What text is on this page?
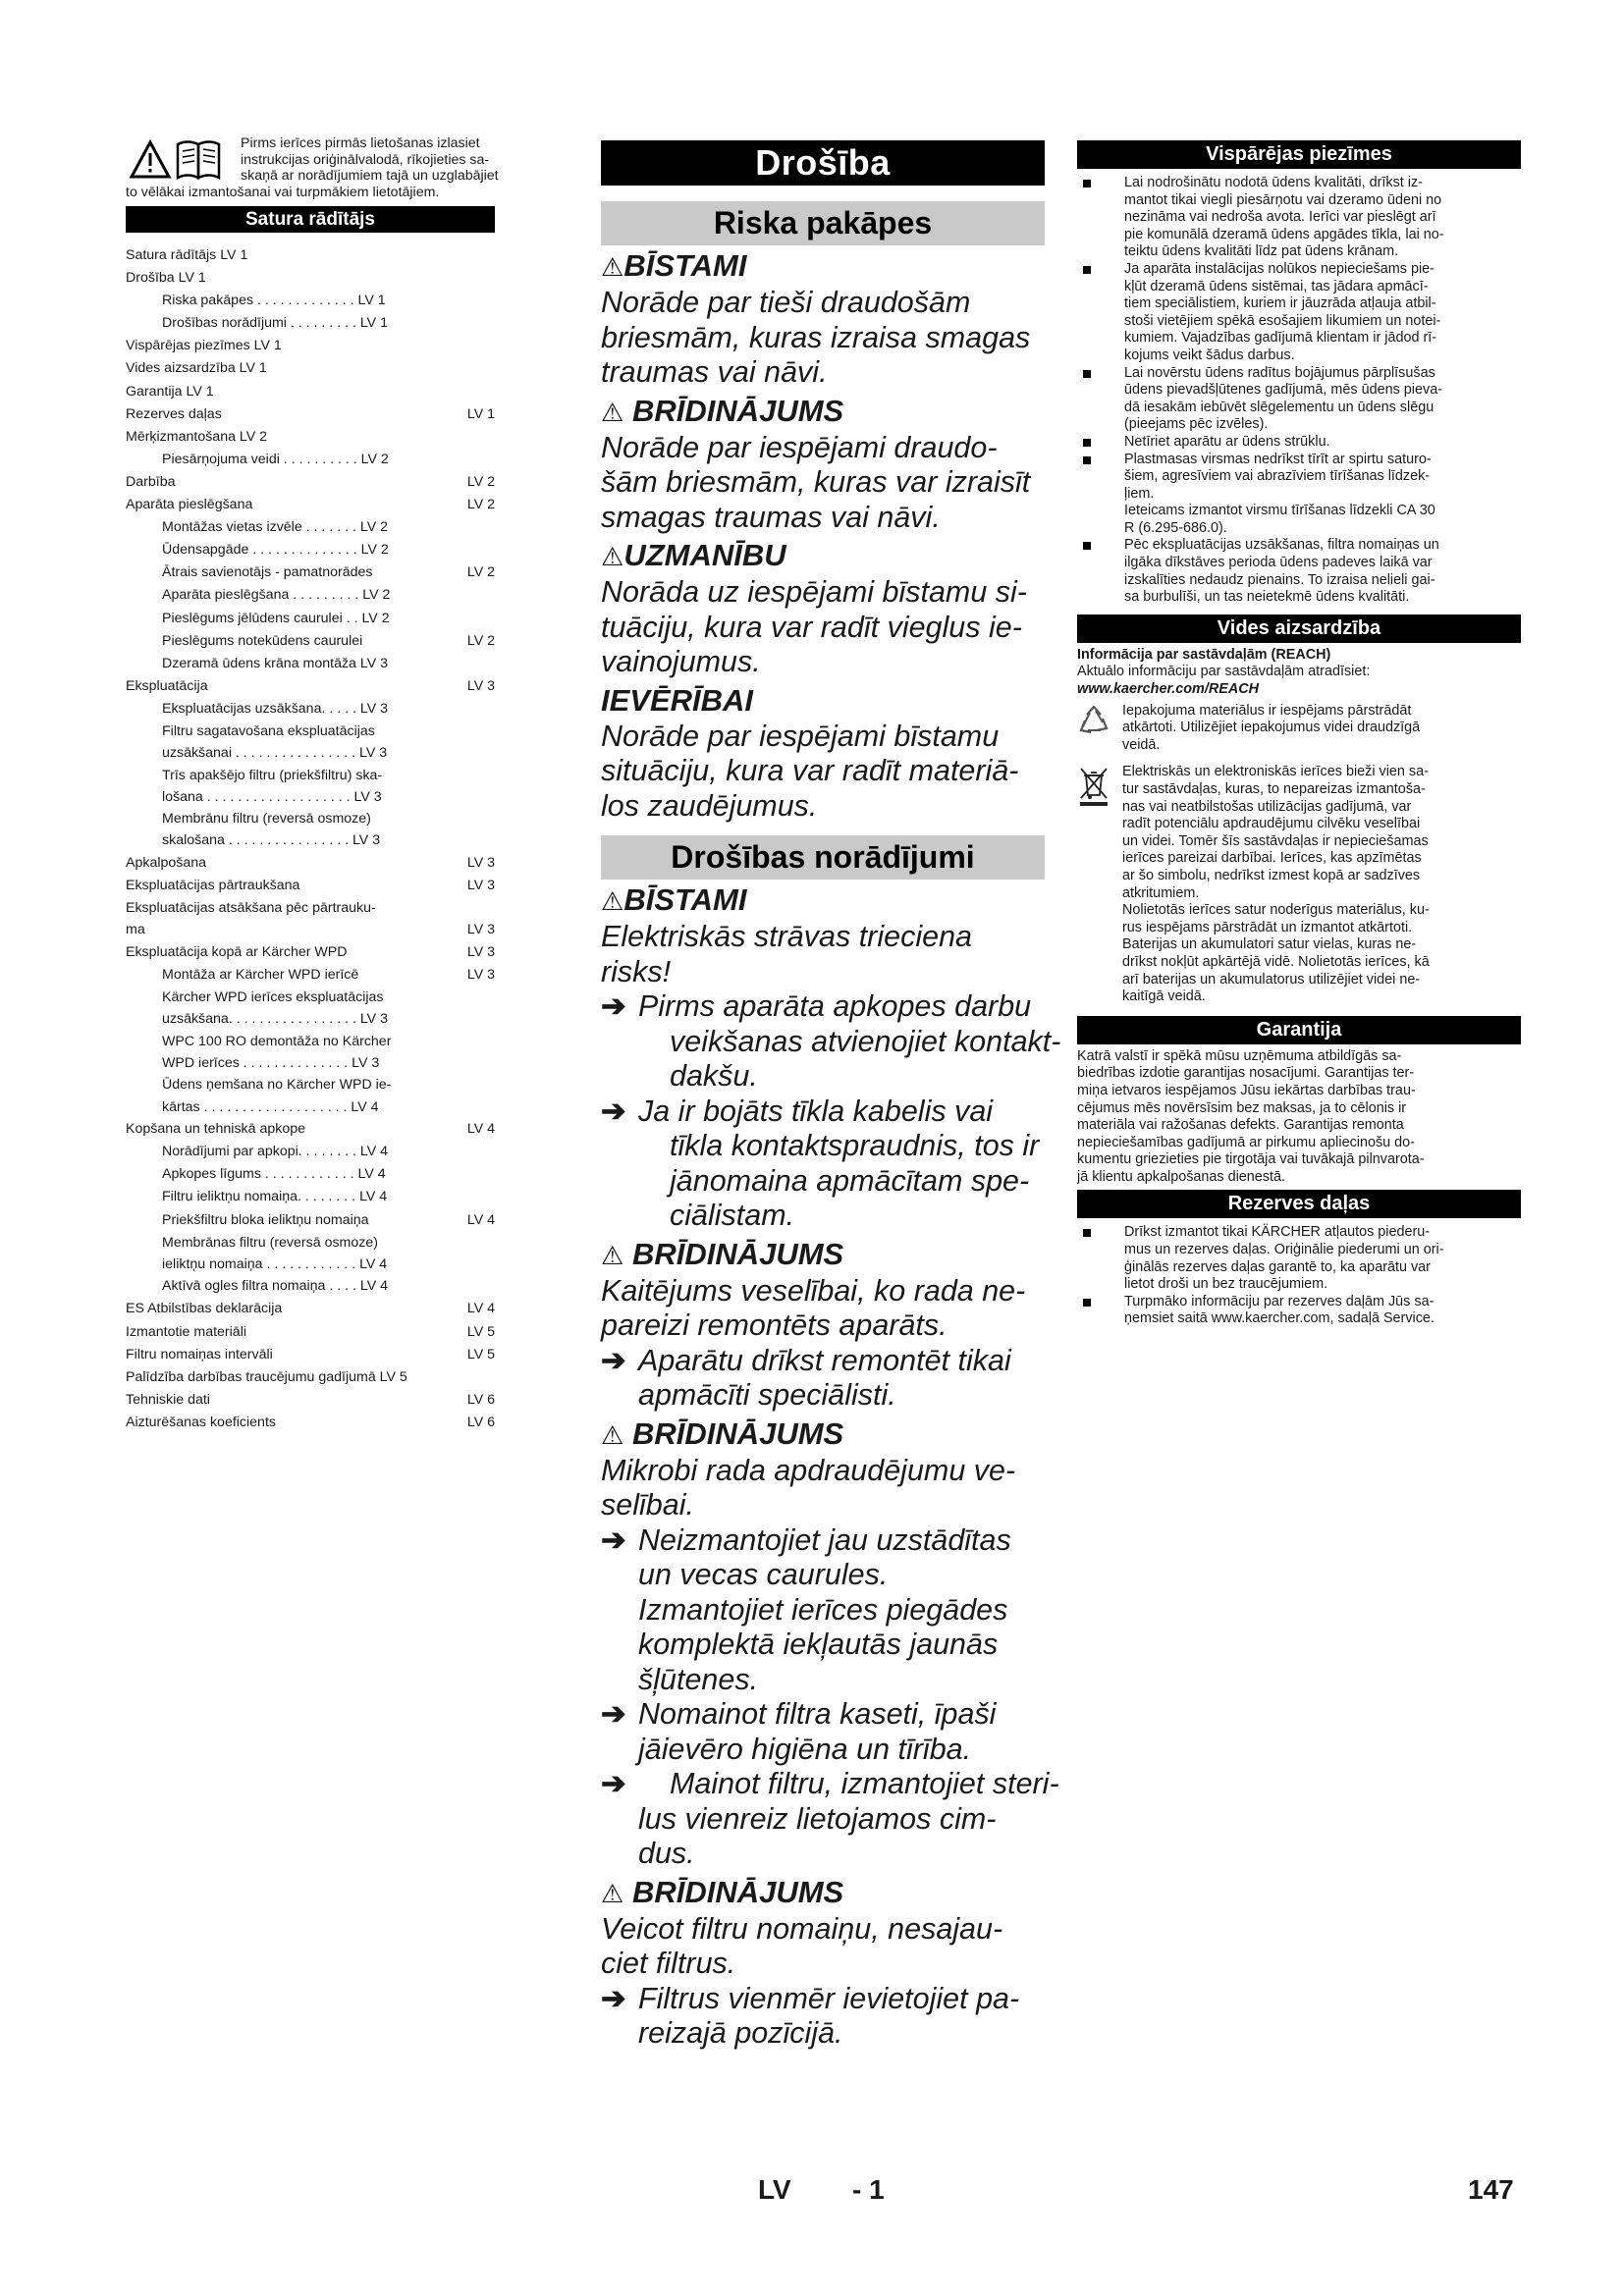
Pirms ierīces pirmās lietošanas izlasiet
instrukcijas oriģinālvalodā, rīkojieties sa-
skaņā ar norādījumiem tajā un uzglabājiet
to vēlākai izmantošanai vai turpmākiem lietotājiem.
Satura rādītājs
Satura rādītājs LV 1
Drošība LV 1
Riska pakāpes . . . . . . . . . . . . . LV 1
Drošības norādījumi . . . . . . . . . LV 1
Vispārējas piezīmes LV 1
Vides aizsardzība LV 1
Garantija LV 1
Rezerves daļas	LV 1
Mērķizmantošana LV 2
Piesārņojuma veidi . . . . . . . . . . LV 2
Darbība	LV 2
Aparāta pieslēgšana	LV 2
Montāžas vietas izvēle . . . . . . . LV 2
Ūdensapgāde . . . . . . . . . . . . . . LV 2
Ātrais savienotājs - pamatnorādes	LV 2
Aparāta pieslēgšana . . . . . . . . . LV 2
Pieslēgums jēlūdens caurulei . . LV 2
Pieslēgums notekūdens caurulei	LV 2
Dzeramā ūdens krāna montāža LV 3
Ekspluatācija	LV 3
Ekspluatācijas uzsākšana. . . . . LV 3
Filtru sagatavošana ekspluatācijas
uzsākšanai . . . . . . . . . . . . . . . . LV 3
Trīs apakšējo filtru (priekšfiltru) ska-
lošana . . . . . . . . . . . . . . . . . . . LV 3
Membrānu filtru (reversā osmoze)
skalošana . . . . . . . . . . . . . . . . LV 3
Apkalpošana	LV 3
Ekspluatācijas pārtraukšana	LV 3
Ekspluatācijas atsākšana pēc pārtrauku-
ma	LV 3
Ekspluatācija kopā ar Kärcher WPD	LV 3
Montāža ar Kärcher WPD ierīcē	LV 3
Kärcher WPD ierīces ekspluatācijas
uzsākšana. . . . . . . . . . . . . . . . . LV 3
WPC 100 RO demontāža no Kärcher
WPD ierīces . . . . . . . . . . . . . . LV 3
Ūdens ņemšana no Kärcher WPD ie-
kārtas . . . . . . . . . . . . . . . . . . . LV 4
Kopšana un tehniskā apkope	LV 4
Norādījumi par apkopi. . . . . . . . LV 4
Apkopes līgums . . . . . . . . . . . . LV 4
Filtru ieliktņu nomaiņa. . . . . . . . LV 4
Priekšfiltru bloka ieliktņu nomaiņa	LV 4
Membrānas filtru (reversā osmoze)
ieliktņu nomaiņa . . . . . . . . . . . . LV 4
Aktīvā ogles filtra nomaiņa . . . . LV 4
ES Atbilstības deklarācija	LV 4
Izmantotie materiāli	LV 5
Filtru nomaiņas intervāli	LV 5
Palīdzība darbības traucējumu gadījumā LV 5
Tehniskie dati	LV 6
Aizturēšanas koeficients	LV 6
Drošība
Riska pakāpes
⚠BĪSTAMI
Norāde par tieši draudošām
briesmām, kuras izraisa smagas
traumas vai nāvi.
⚠ BRĪDINĀJUMS
Norāde par iespējami draudo-
šām briesmām, kuras var izraisīt
smagas traumas vai nāvi.
⚠UZMANĪBU
Norāda uz iespējami bīstamu si-
tuāciju, kura var radīt vieglus ie-
vainojumus.
IEVĒRĪBAI
Norāde par iespējami bīstamu
situāciju, kura var radīt materiā-
los zaudējumus.
Drošības norādījumi
⚠BĪSTAMI
Elektriskās strāvas trieciena
risks!
➔ Pirms aparāta apkopes darbu
veikšanas atvienojiet kontakt-
dakšu.
➔ Ja ir bojāts tīkla kabelis vai
tīkla kontaktspraudnis, tos ir
jānomaina apmācītam spe-
ciālistam.
⚠ BRĪDINĀJUMS
Kaitējums veselībai, ko rada ne-
pareizi remontēts aparāts.
➔ Aparātu drīkst remontēt tikai
apmācīti speciālisti.
⚠ BRĪDINĀJUMS
Mikrobi rada apdraudējumu ve-
selībai.
➔ Neizmantojiet jau uzstādītas
un vecas caurules.
Izmantojiet ierīces piegādes
komplektā iekļautās jaunās
šļūtenes.
➔ Nomainot filtra kaseti, īpaši
jāievēro higiēna un tīrība.
➔	Mainot filtru, izmantojiet steri-
lus vienreiz lietojamos cim-
dus.
⚠ BRĪDINĀJUMS
Veicot filtru nomaiņu, nesajau-
ciet filtrus.
➔ Filtrus vienmēr ievietojiet pa-
reizajā pozīcijā.
Vispārējas piezīmes
Lai nodrošinātu nodotā ūdens kvalitāti, drīkst iz-
mantot tikai viegli piesārņotu vai dzeramo ūdeni no
nezināma vai nedroša avota. Ierīci var pieslēgt arī
pie komunālā dzeramā ūdens apgādes tīkla, lai no-
teiktu ūdens kvalitāti līdz pat ūdens krānam.
Ja aparāta instalācijas nolūkos nepieciešams pie-
kļūt dzeramā ūdens sistēmai, tas jādara apmācī-
tiem speciālistiem, kuriem ir jāuzrāda atļauja atbil-
stoši vietējiem spēkā esošajiem likumiem un notei-
kumiem. Vajadzības gadījumā klientam ir jādod rī-
kojums veikt šādus darbus.
Lai novērstu ūdens radītus bojājumus pārplīsušas
ūdens pievadšļūtenes gadījumā, mēs ūdens pieva-
dā iesakām iebūvēt slēgelementu un ūdens slēgu
(pieejams pēc izvēles).
Netīriet aparātu ar ūdens strūklu.
Plastmasas virsmas nedrīkst tīrīt ar spirtu saturo-
šiem, agresīviem vai abrazīviem tīrīšanas līdzek-
ļiem.
Ieteicams izmantot virsmu tīrīšanas līdzekli CA 30
R (6.295-686.0).
Pēc ekspluatācijas uzsākšanas, filtra nomaiņas un
ilgāka dīkstāves perioda ūdens padeves laikā var
izskalīties nedaudz pienains. To izraisa nelieli gai-
sa burbulīši, un tas neietekmē ūdens kvalitāti.
Vides aizsardzība
Informācija par sastāvdaļām (REACH)
Aktuālo informāciju par sastāvdaļām atradīsiet:
www.kaercher.com/REACH
Iepakojuma materiālus ir iespējams pārstrādāt
atkārtoti. Utilizējiet iepakojumus videi draudzīgā
veidā.
Elektriskās un elektroniskās ierīces bieži vien sa-
tur sastāvdaļas, kuras, to nepareizas izmantoša-
nas vai neatbilstošas utilizācijas gadījumā, var
radīt potenciālu apdraudējumu cilvēku veselībai
un videi. Tomēr šīs sastāvdaļas ir nepieciešamas
ierīces pareizai darbībai. Ierīces, kas apzīmētas
ar šo simbolu, nedrīkst izmest kopā ar sadzīves
atkritumiem.
Nolietotās ierīces satur noderīgus materiālus, ku-
rus iespējams pārstrādāt un izmantot atkārtoti.
Baterijas un akumulatori satur vielas, kuras ne-
drīkst nokļūt apkārtējā vidē. Nolietotās ierīces, kā
arī baterijas un akumulatorus utilizējiet videi ne-
kaitīgā veidā.
Garantija
Katrā valstī ir spēkā mūsu uzņēmuma atbildīgās sa-
biedrības izdotie garantijas nosacījumi. Garantijas ter-
miņa ietvaros iespējamos Jūsu iekārtas darbības trau-
cējumus mēs novērsīsim bez maksas, ja to cēlonis ir
materiāla vai ražošanas defekts. Garantijas remonta
nepieciešamības gadījumā ar pirkumu apliecinošu do-
kumentu griezieties pie tirgotāja vai tuvākajā pilnvarota-
jā klientu apkalpošanas dienestā.
Rezerves daļas
Drīkst izmantot tikai KÄRCHER atļautos piederu-
mus un rezerves daļas. Oriģinālie piederumi un ori-
ģinālās rezerves daļas garantē to, ka aparātu var
lietot droši un bez traucējumiem.
Turpmāko informāciju par rezerves daļām Jūs sa-
ņemsiet saitā www.kaercher.com, sadaļā Service.
LV - 1	147
